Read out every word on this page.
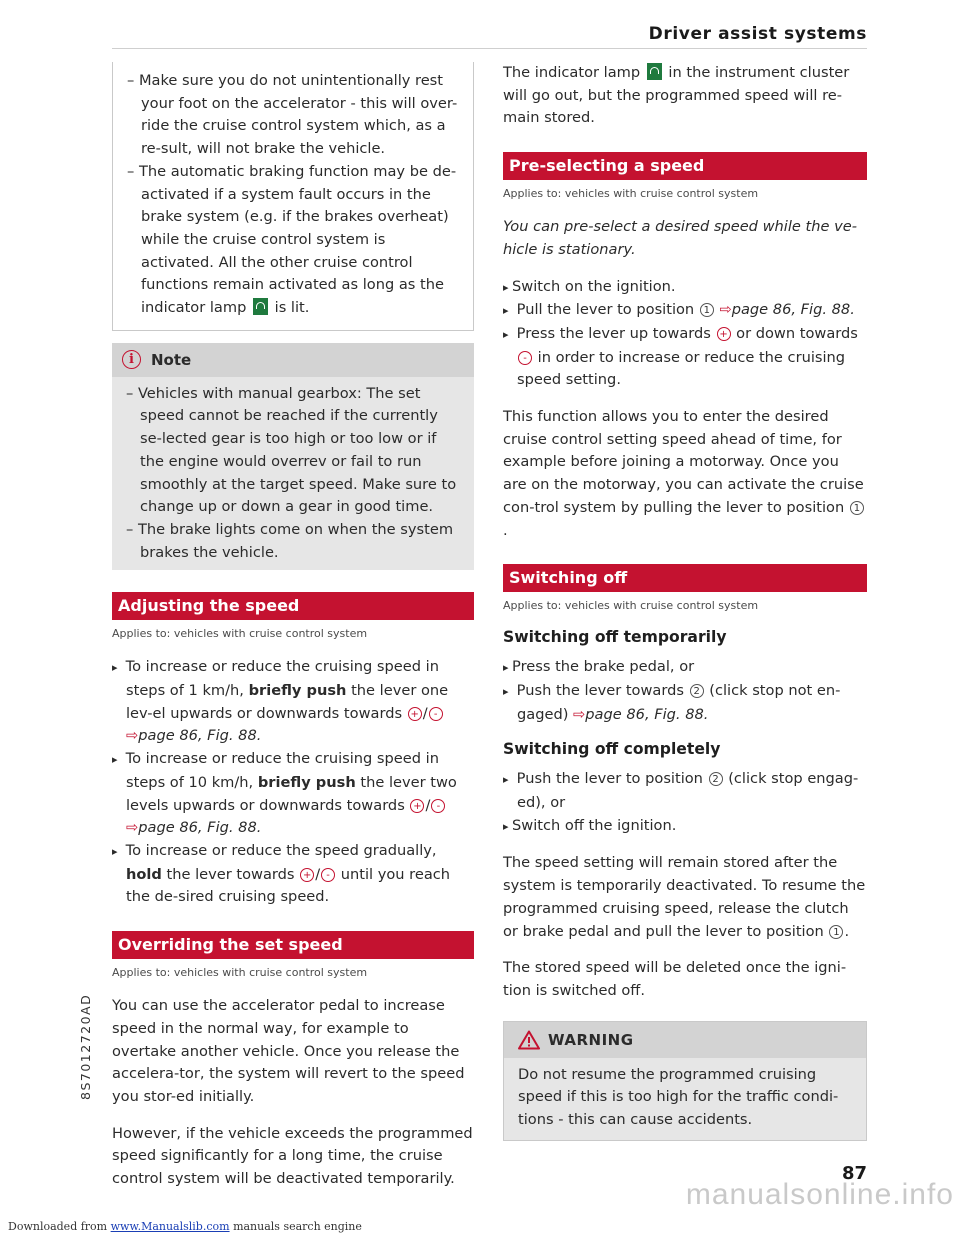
Driver assist systems
– Make sure you do not unintentionally rest your foot on the accelerator - this will over-ride the cruise control system which, as a re-sult, will not brake the vehicle.
– The automatic braking function may be de-activated if a system fault occurs in the brake system (e.g. if the brakes overheat) while the cruise control system is activated. All the other cruise control functions remain activated as long as the indicator lamp is lit.
i	Note
– Vehicles with manual gearbox: The set speed cannot be reached if the currently se-lected gear is too high or too low or if the engine would overrev or fail to run smoothly at the target speed. Make sure to change up or down a gear in good time.
– The brake lights come on when the system brakes the vehicle.
Adjusting the speed
Applies to: vehicles with cruise control system
▸ To increase or reduce the cruising speed in steps of 1 km/h, briefly push the lever one lev-el upwards or downwards towards + / - ⇨page 86, Fig. 88.
▸ To increase or reduce the cruising speed in steps of 10 km/h, briefly push the lever two levels upwards or downwards towards + / - ⇨page 86, Fig. 88.
▸ To increase or reduce the speed gradually, hold the lever towards + / - until you reach the de-sired cruising speed.
Overriding the set speed
Applies to: vehicles with cruise control system

You can use the accelerator pedal to increase speed in the normal way, for example to overtake another vehicle. Once you release the accelera-tor, the system will revert to the speed you stor-ed initially.

However, if the vehicle exceeds the programmed speed significantly for a long time, the cruise control system will be deactivated temporarily.

The indicator lamp in the instrument cluster will go out, but the programmed speed will re-main stored.

Pre-selecting a speed
Applies to: vehicles with cruise control system

You can pre-select a desired speed while the ve-hicle is stationary.

▸ Switch on the ignition.
▸ Pull the lever to position 1 ⇨page 86, Fig. 88.
▸ Press the lever up towards + or down towards - in order to increase or reduce the cruising speed setting.

This function allows you to enter the desired cruise control setting speed ahead of time, for example before joining a motorway. Once you are on the motorway, you can activate the cruise con-trol system by pulling the lever to position 1.

Switching off
Applies to: vehicles with cruise control system
Switching off temporarily
▸ Press the brake pedal, or
▸ Push the lever towards 2 (click stop not en-gaged) ⇨page 86, Fig. 88.
Switching off completely
▸ Push the lever to position 2 (click stop engag-ed), or
▸ Switch off the ignition.

The speed setting will remain stored after the system is temporarily deactivated. To resume the programmed cruising speed, release the clutch or brake pedal and pull the lever to position 1 .

The stored speed will be deleted once the igni-tion is switched off.

WARNING

Do not resume the programmed cruising speed if this is too high for the traffic condi-tions - this can cause accidents.

8S7012720AD
87
Downloaded from www.Manualslib.com manuals search engine
manualsonline.info
